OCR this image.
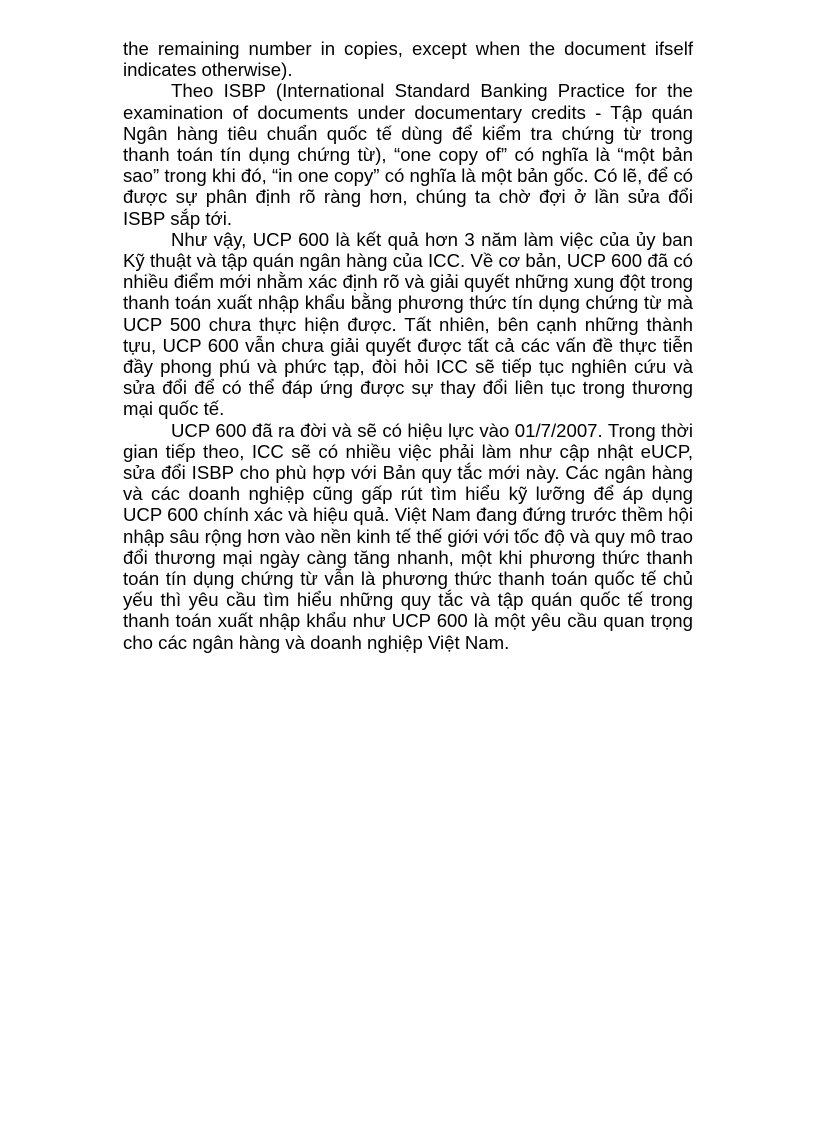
the remaining number in copies, except when the document ifself indicates otherwise).

Theo ISBP (International Standard Banking Practice for the examination of documents under documentary credits - Tập quán Ngân hàng tiêu chuẩn quốc tế dùng để kiểm tra chứng từ trong thanh toán tín dụng chứng từ), “one copy of” có nghĩa là “một bản sao” trong khi đó, “in one copy” có nghĩa là một bản gốc. Có lẽ, để có được sự phân định rõ ràng hơn, chúng ta chờ đợi ở lần sửa đổi ISBP sắp tới.

Như vậy, UCP 600 là kết quả hơn 3 năm làm việc của ủy ban Kỹ thuật và tập quán ngân hàng của ICC. Về cơ bản, UCP 600 đã có nhiều điểm mới nhằm xác định rõ và giải quyết những xung đột trong thanh toán xuất nhập khẩu bằng phương thức tín dụng chứng từ mà UCP 500 chưa thực hiện được. Tất nhiên, bên cạnh những thành tựu, UCP 600 vẫn chưa giải quyết được tất cả các vấn đề thực tiễn đầy phong phú và phức tạp, đòi hỏi ICC sẽ tiếp tục nghiên cứu và sửa đổi để có thể đáp ứng được sự thay đổi liên tục trong thương mại quốc tế.

UCP 600 đã ra đời và sẽ có hiệu lực vào 01/7/2007. Trong thời gian tiếp theo, ICC sẽ có nhiều việc phải làm như cập nhật eUCP, sửa đổi ISBP cho phù hợp với Bản quy tắc mới này. Các ngân hàng và các doanh nghiệp cũng gấp rút tìm hiểu kỹ lưỡng để áp dụng UCP 600 chính xác và hiệu quả. Việt Nam đang đứng trước thềm hội nhập sâu rộng hơn vào nền kinh tế thế giới với tốc độ và quy mô trao đổi thương mại ngày càng tăng nhanh, một khi phương thức thanh toán tín dụng chứng từ vẫn là phương thức thanh toán quốc tế chủ yếu thì yêu cầu tìm hiểu những quy tắc và tập quán quốc tế trong thanh toán xuất nhập khẩu như UCP 600 là một yêu cầu quan trọng cho các ngân hàng và doanh nghiệp Việt Nam.
